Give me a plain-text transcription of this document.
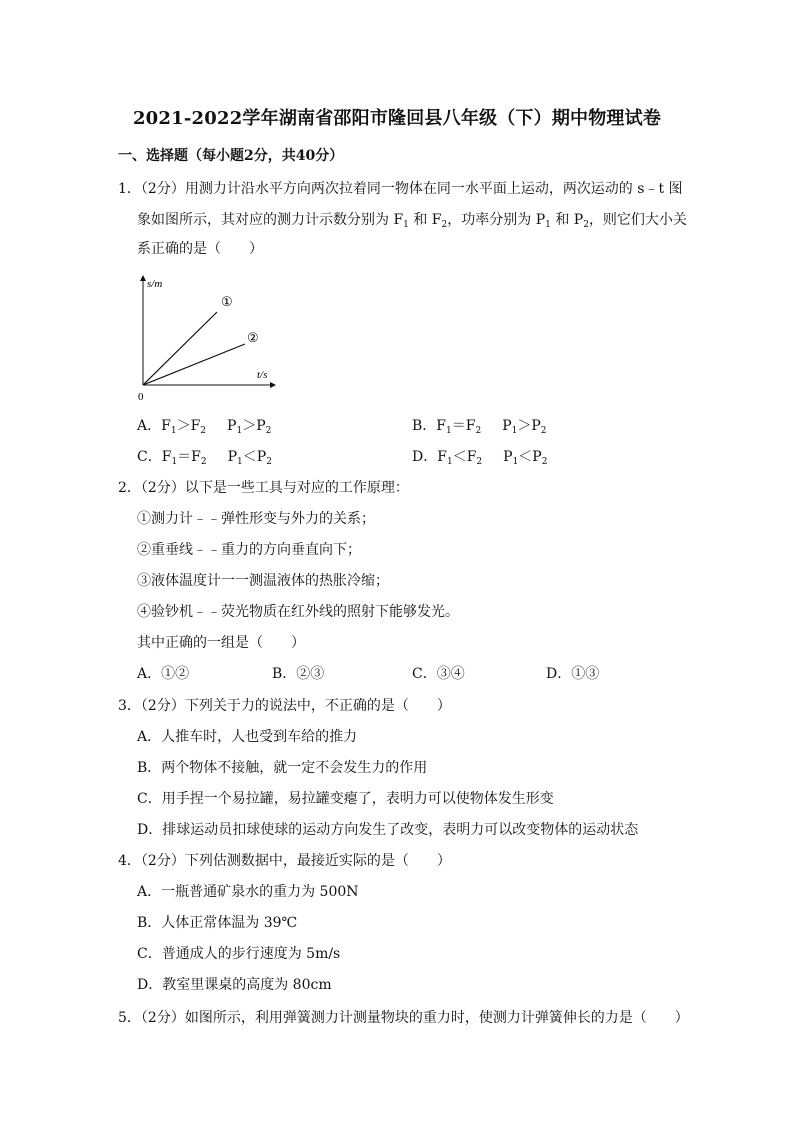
2021-2022学年湖南省邵阳市隆回县八年级（下）期中物理试卷
一、选择题（每小题2分，共40分）
1．（2分）用测力计沿水平方向两次拉着同一物体在同一水平面上运动，两次运动的 s﹣t 图
象如图所示，其对应的测力计示数分别为 $F_1$ 和 $F_2$，功率分别为 $P_1$ 和 $P_2$，则它们大小关
系正确的是（　　）
s/m
t/s
0
①
②
A．$F_1>F_2$   $P_1>P_2$	B．$F_1=F_2$   $P_1>P_2$
C．$F_1=F_2$   $P_1<P_2$	D．$F_1<F_2$   $P_1<P_2$
2．（2分）以下是一些工具与对应的工作原理：
①测力计﹣﹣弹性形变与外力的关系；
②重垂线﹣﹣重力的方向垂直向下；
③液体温度计一一测温液体的热胀冷缩；
④验钞机﹣﹣荧光物质在红外线的照射下能够发光。
其中正确的一组是（　　）
A．①②	B．②③	C．③④	D．①③
3．（2分）下列关于力的说法中，不正确的是（　　）
A．人推车时，人也受到车给的推力
B．两个物体不接触，就一定不会发生力的作用
C．用手捏一个易拉罐，易拉罐变瘪了，表明力可以使物体发生形变
D．排球运动员扣球使球的运动方向发生了改变，表明力可以改变物体的运动状态
4．（2分）下列估测数据中，最接近实际的是（　　）
A．一瓶普通矿泉水的重力为 500N
B．人体正常体温为 39℃
C．普通成人的步行速度为 5m/s
D．教室里课桌的高度为 80cm
5．（2分）如图所示，利用弹簧测力计测量物块的重力时，使测力计弹簧伸长的力是（　　）
